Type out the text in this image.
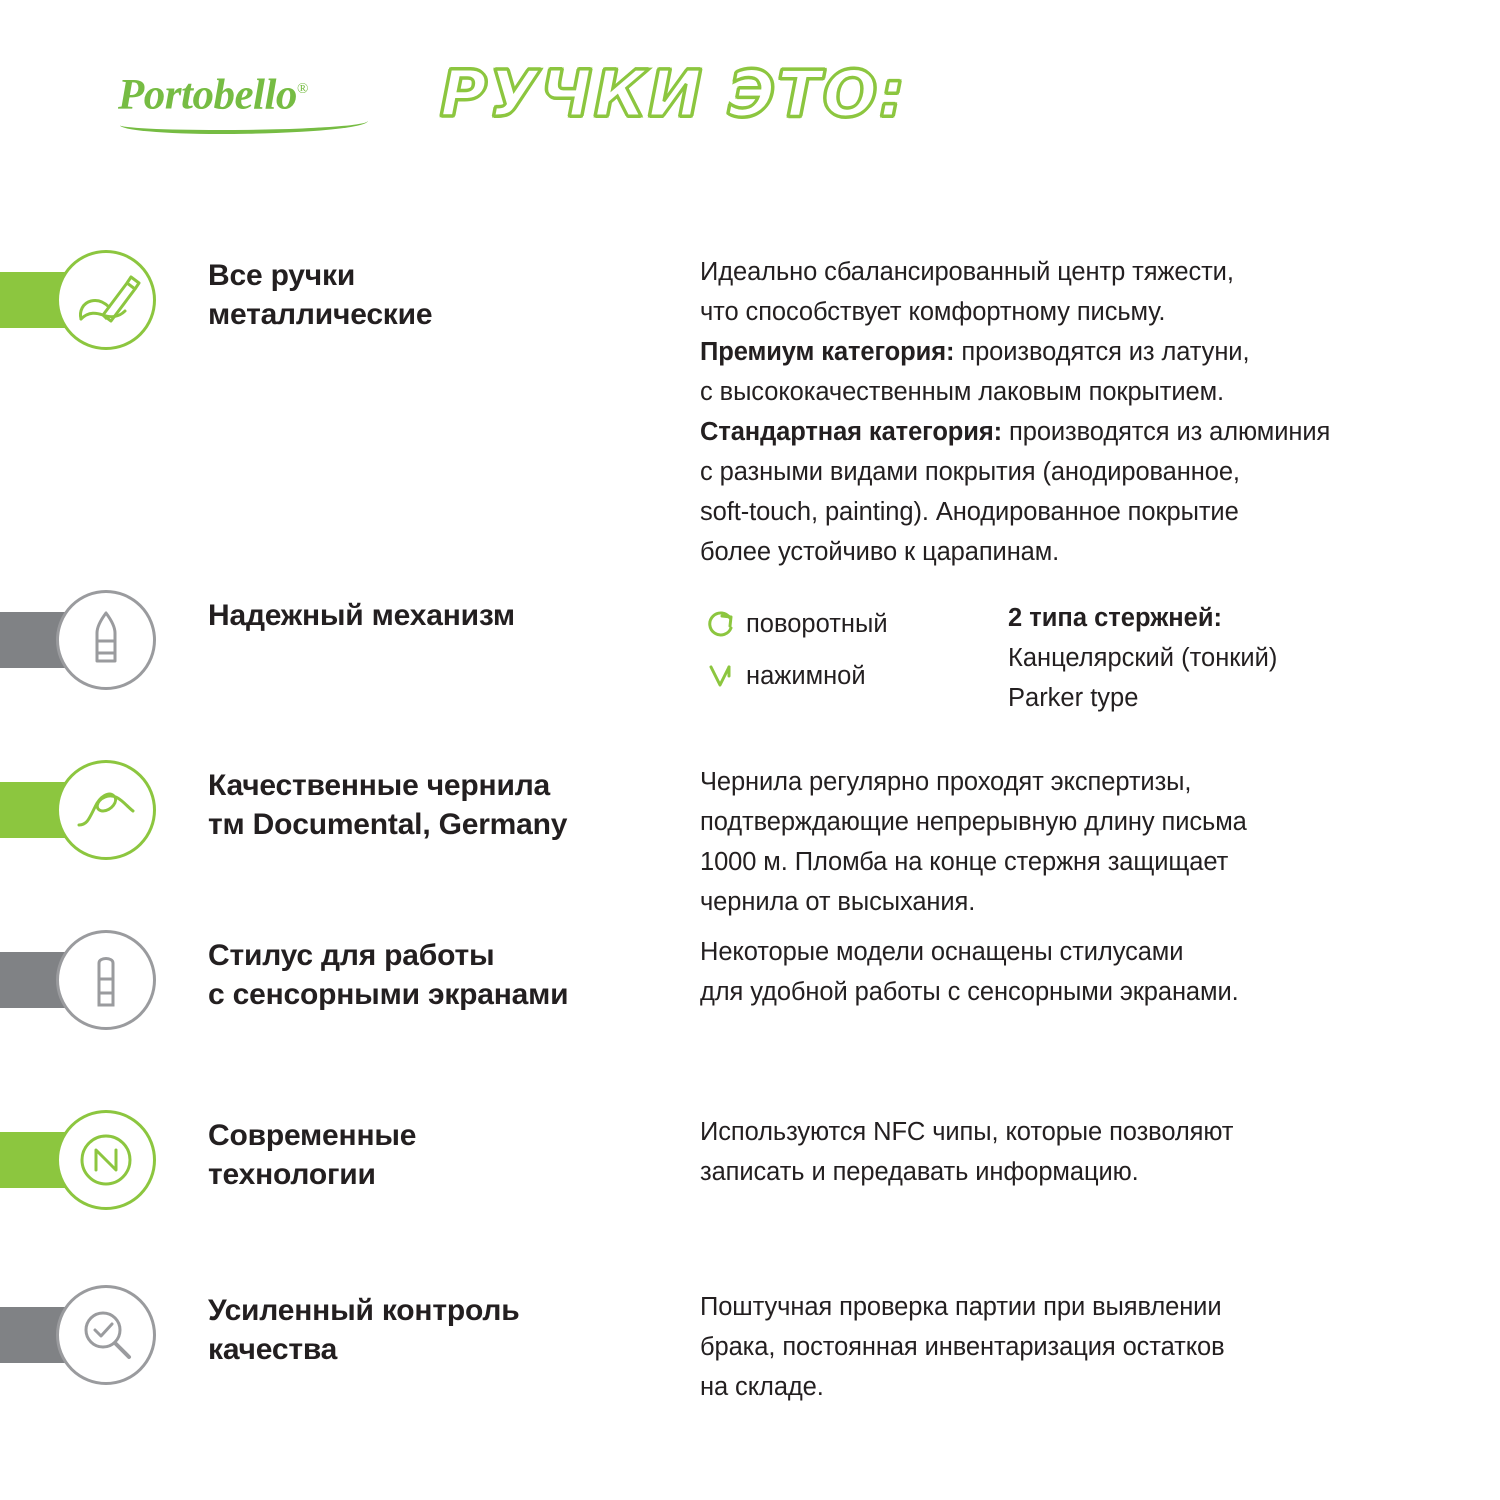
Portobello®	РУЧКИ ЭТО:
Все ручки
металлические
Идеально сбалансированный центр тяжести,
что способствует комфортному письму.
Премиум категория: производятся из латуни,
с высококачественным лаковым покрытием.
Стандартная категория: производятся из алюминия
с разными видами покрытия (анодированное,
soft-touch, painting). Анодированное покрытие
более устойчиво к царапинам.
Надежный механизм	поворотный
нажимной
2 типа стержней:
Канцелярский (тонкий)
Parker type
Качественные чернила
тм Documental, Germany
Чернила регулярно проходят экспертизы,
подтверждающие непрерывную длину письма
1000 м. Пломба на конце стержня защищает
чернила от высыхания.
Стилус для работы
с сенсорными экранами
Некоторые модели оснащены стилусами
для удобной работы с сенсорными экранами.
Современные
технологии
Используются NFC чипы, которые позволяют
записать и передавать информацию.
Усиленный контроль
качества
Поштучная проверка партии при выявлении
брака, постоянная инвентаризация остатков
на складе.
